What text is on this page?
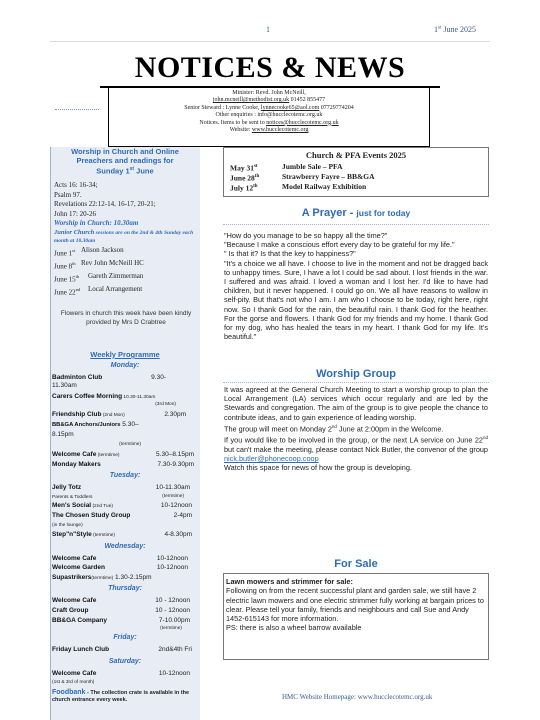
1	1st June 2025
NOTICES & NEWS
Minister: Revd. John McNeill,
john.mcneill@methodist.org.uk 01452 855477
Senior Steward : Lynne Cooke, lynnecooke65@aol.com 07729774204
Other enquiries : info@hucclecotemc.org.uk
Notices. Items to be sent to notices@hucclecotemc.org.uk
Website: www.hucclecotemc.org
Worship in Church and Online
Preachers and readings for
Sunday 1st June
Acts 16: 16-34;
Psalm 97.
Revelations 22:12-14, 16-17, 20-21;
John 17: 20-26
Worship in Church: 10.30am
Junior Church sessions are on the 2nd & 4th Sunday each month at 10.30am
June 1st Alison Jackson
June 8th Rev John McNeill HC
June 15th	Gareth Zimmerman
June 22nd	Local Arrangement
Flowers in church this week have been kindly provided by Mrs D Crabtree
Weekly Programme
Monday:
Badminton Club	9.30-
11.30am
Carers Coffee Morning 10.30-11.30am
(3rd Mon)
Friendship Club (2nd Mon)	2.30pm
BB&GA Anchors/Juniors 5.30–
8.15pm
(termtime)
Welcome Cafe (termtime)	5.30–8.15pm
Monday Makers	7.30-9.30pm
Tuesday:
Jelly Totz	10-11.30am
Parents & Toddlers	(termtime)
Men's Social (2nd Tue)	10-12noon
The Chosen Study Group	2-4pm
(in the lounge)
Step"n"Style (termtime)	4-8.30pm
Wednesday:
Welcome Cafe	10-12noon
Welcome Garden	10-12noon
Supastrikers(termtime) 1.30-2.15pm
Thursday:
Welcome Cafe	10 - 12noon
Craft Group	10 - 12noon
BB&GA Company	7-10.00pm
(termtime)
Friday:
Friday Lunch Club	2nd&4th Fri
Saturday:
Welcome Cafe	10-12noon
(1st & 3rd of month)
Foodbank - The collection crate is available in the church entrance every week.
Church & PFA Events 2025
May 31st	Jumble Sale – PFA
June 28th	Strawberry Fayre – BB&GA
July 12th	Model Railway Exhibition
A Prayer - just for today
"How do you manage to be so happy all the time?"
"Because I make a conscious effort every day to be grateful for my life."
" Is that it? Is that the key to happiness?"
"It's a choice we all have. I choose to live in the moment and not be dragged back to unhappy times. Sure, I have a lot I could be sad about. I lost friends in the war. I suffered and was afraid. I loved a woman and I lost her. I'd like to have had children, but it never happened. I could go on. We all have reasons to wallow in self-pity. But that's not who I am. I am who I choose to be today, right here, right now. So I thank God for the rain, the beautiful rain. I thank God for the heather. For the gorse and flowers. I thank God for my friends and my home. I thank God for my dog, who has healed the tears in my heart. I thank God for my life. It's beautiful."
Worship Group
It was agreed at the General Church Meeting to start a worship group to plan the Local Arrangement (LA) services which occur regularly and are led by the Stewards and congregation. The aim of the group is to give people the chance to contribute ideas, and to gain experience of leading worship.
The group will meet on Monday 2nd June at 2:00pm in the Welcome.
If you would like to be involved in the group, or the next LA service on June 22nd but can't make the meeting, please contact Nick Butler, the convenor of the group nick.butler@phonecoop.coop
Watch this space for news of how the group is developing.
For Sale
Lawn mowers and strimmer for sale:
Following on from the recent successful plant and garden sale, we still have 2 electric lawn mowers and one electric strimmer fully working at bargain prices to clear. Please tell your family, friends and neighbours and call Sue and Andy 1452-615143 for more information.
PS: there is also a wheel barrow available
HMC Website Homepage: www.hucclecotemc.org.uk
